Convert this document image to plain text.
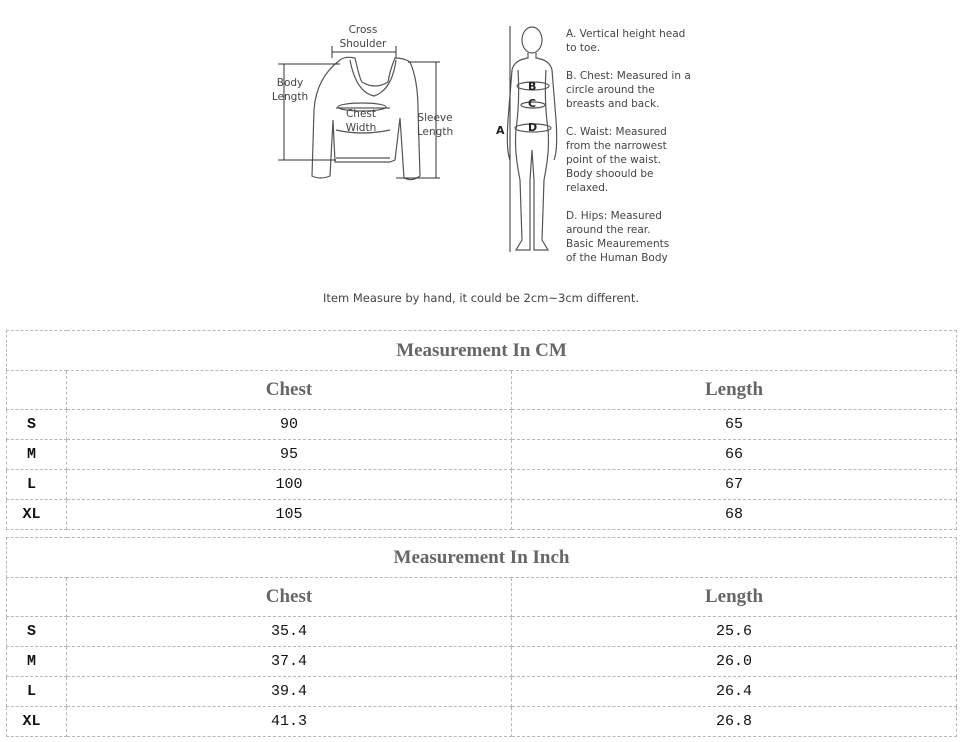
Cross
Shoulder
Body
Length
Chest
Width
Sleeve
Length	A
B
C
D
A. Vertical height head
to toe.
B. Chest: Measured in a
circle around the
breasts and back.
C. Waist: Measured
from the narrowest
point of the waist.
Body shoould be
relaxed.
D. Hips: Measured
around the rear.
Basic Meaurements
of the Human Body
Item Measure by hand, it could be 2cm~3cm different.
Measurement In CM		
	Chest	Length
S	90	65
M	95	66
L	100	67
XL	105	68
Measurement In Inch		
	Chest	Length
S	35.4	25.6
M	37.4	26.0
L	39.4	26.4
XL	41.3	26.8
